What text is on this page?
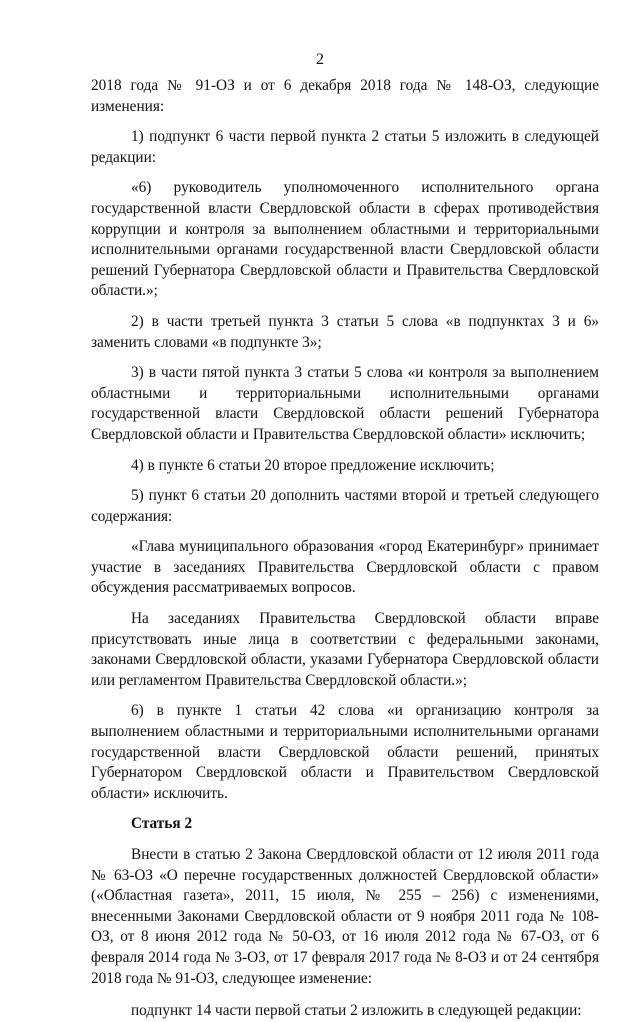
2

2018 года № 91-ОЗ и от 6 декабря 2018 года № 148-ОЗ, следующие изменения:

1) подпункт 6 части первой пункта 2 статьи 5 изложить в следующей редакции:

«6) руководитель уполномоченного исполнительного органа государственной власти Свердловской области в сферах противодействия коррупции и контроля за выполнением областными и территориальными исполнительными органами государственной власти Свердловской области решений Губернатора Свердловской области и Правительства Свердловской области.»;

2) в части третьей пункта 3 статьи 5 слова «в подпунктах 3 и 6» заменить словами «в подпункте 3»;

3) в части пятой пункта 3 статьи 5 слова «и контроля за выполнением областными и территориальными исполнительными органами государственной власти Свердловской области решений Губернатора Свердловской области и Правительства Свердловской области» исключить;

4) в пункте 6 статьи 20 второе предложение исключить;

5) пункт 6 статьи 20 дополнить частями второй и третьей следующего содержания:

«Глава муниципального образования «город Екатеринбург» принимает участие в заседаниях Правительства Свердловской области с правом обсуждения рассматриваемых вопросов.

На заседаниях Правительства Свердловской области вправе присутствовать иные лица в соответствии с федеральными законами, законами Свердловской области, указами Губернатора Свердловской области или регламентом Правительства Свердловской области.»;

6) в пункте 1 статьи 42 слова «и организацию контроля за выполнением областными и территориальными исполнительными органами государственной власти Свердловской области решений, принятых Губернатором Свердловской области и Правительством Свердловской области» исключить.

Статья 2

Внести в статью 2 Закона Свердловской области от 12 июля 2011 года № 63-ОЗ «О перечне государственных должностей Свердловской области» («Областная газета», 2011, 15 июля, № 255 – 256) с изменениями, внесенными Законами Свердловской области от 9 ноября 2011 года № 108-ОЗ, от 8 июня 2012 года № 50-ОЗ, от 16 июля 2012 года № 67-ОЗ, от 6 февраля 2014 года № 3-ОЗ, от 17 февраля 2017 года № 8-ОЗ и от 24 сентября 2018 года № 91-ОЗ, следующее изменение:

подпункт 14 части первой статьи 2 изложить в следующей редакции:
